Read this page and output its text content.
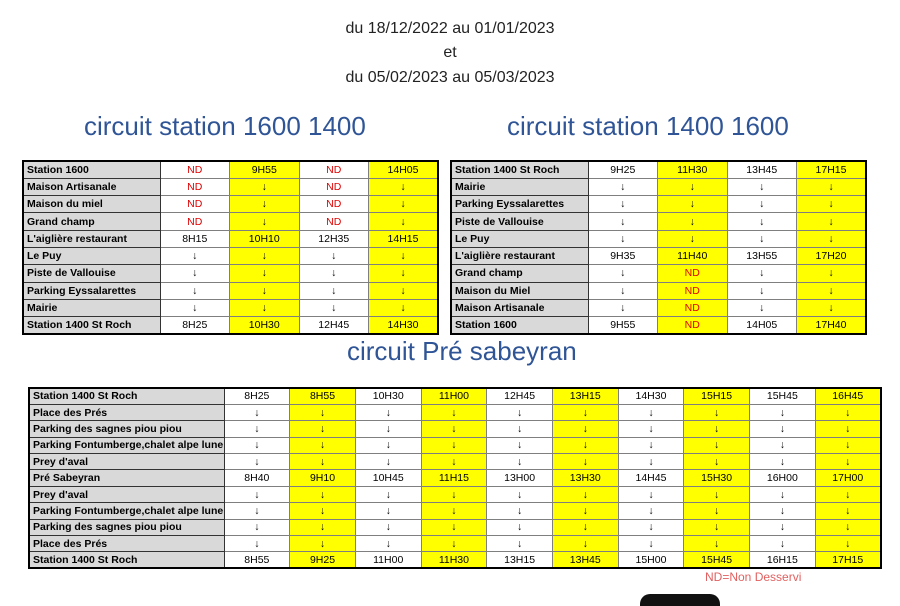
du 18/12/2022 au 01/01/2023
et
du 05/02/2023 au 05/03/2023
circuit station 1600 1400	circuit station 1400 1600
circuit Pré sabeyran
Station 1600	ND	9H55	ND	14H05
Maison Artisanale	ND	↓	ND	↓
Maison du miel	ND	↓	ND	↓
Grand champ	ND	↓	ND	↓
L'aiglière restaurant	8H15	10H10	12H35	14H15
Le Puy	↓	↓	↓	↓
Piste de Vallouise	↓	↓	↓	↓
Parking Eyssalarettes	↓	↓	↓	↓
Mairie	↓	↓	↓	↓
Station 1400 St Roch	8H25	10H30	12H45	14H30
Station 1400 St Roch	9H25	11H30	13H45	17H15
Mairie	↓	↓	↓	↓
Parking Eyssalarettes	↓	↓	↓	↓
Piste de Vallouise	↓	↓	↓	↓
Le Puy	↓	↓	↓	↓
L'aiglière restaurant	9H35	11H40	13H55	17H20
Grand champ	↓	ND	↓	↓
Maison du Miel	↓	ND	↓	↓
Maison Artisanale	↓	ND	↓	↓
Station 1600	9H55	ND	14H05	17H40
Station 1400 St Roch	8H25	8H55	10H30	11H00	12H45	13H15	14H30	15H15	15H45	16H45
Place des Prés	↓	↓	↓	↓	↓	↓	↓	↓	↓	↓
Parking des sagnes piou piou	↓	↓	↓	↓	↓	↓	↓	↓	↓	↓
Parking Fontumberge,chalet alpe lune	↓	↓	↓	↓	↓	↓	↓	↓	↓	↓
Prey d'aval	↓	↓	↓	↓	↓	↓	↓	↓	↓	↓
Pré Sabeyran	8H40	9H10	10H45	11H15	13H00	13H30	14H45	15H30	16H00	17H00
Prey d'aval	↓	↓	↓	↓	↓	↓	↓	↓	↓	↓
Parking Fontumberge,chalet alpe lune	↓	↓	↓	↓	↓	↓	↓	↓	↓	↓
Parking des sagnes piou piou	↓	↓	↓	↓	↓	↓	↓	↓	↓	↓
Place des Prés	↓	↓	↓	↓	↓	↓	↓	↓	↓	↓
Station 1400 St Roch	8H55	9H25	11H00	11H30	13H15	13H45	15H00	15H45	16H15	17H15
ND=Non Desservi
